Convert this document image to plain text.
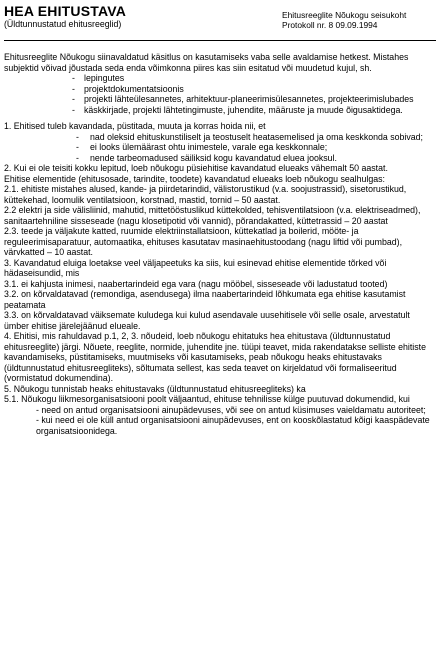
HEA EHITUSTAVA
(Üldtunnustatud ehitusreeglid)
Ehitusreeglite Nõukogu seisukoht
Protokoll nr. 8 09.09.1994

Ehitusreeglite Nõukogu siinavaldatud käsitlus on kasutamiseks vaba selle avaldamise hetkest. Mistahes subjektid võivad jõustada seda enda võimkonna piires kas siin esitatud või muudetud kujul, sh.

- lepingutes
- projektdokumentatsioonis
- projekti lähteülesannetes, arhitektuur-planeerimisülesannetes, projekteerimislubades
- käskkirjade, projekti lähtetingimuste, juhendite, määruste ja muude õigusaktidega.

1. Ehitised tuleb kavandada, püstitada, muuta ja korras hoida nii, et

- nad oleksid ehituskunstiliselt ja teostuselt heatasemelised ja oma keskkonda sobivad;
- ei looks ülemäärast ohtu inimestele, varale ega keskkonnale;
- nende tarbeomadused säiliksid kogu kavandatud eluea jooksul.

2. Kui ei ole teisiti kokku lepitud, loeb nõukogu püsiehitise kavandatud elueaks vähemalt 50 aastat.

Ehitise elementide (ehitusosade, tarindite, toodete) kavandatud elueaks loeb nõukogu sealhulgas:

2.1. ehitiste mistahes alused, kande- ja piirdetarindid, välistorustikud (v.a. soojustrassid), sisetorustikud, küttekehad, loomulik ventilatsioon, korstnad, mastid, tornid – 50 aastat.

2.2 elektri ja side välisliinid, mahutid, mittetööstuslikud küttekolded, tehisventilatsioon (v.a. elektriseadmed), sanitaartehniline sisseseade (nagu klosetipotid või vannid), põrandakatted, küttetrassid – 20 aastat

2.3. teede ja väljakute katted, ruumide elektriinstallatsioon, küttekatlad ja boilerid, mööte- ja reguleerimisaparatuur, automaatika, ehituses kasutatav masinaehitustoodang (nagu liftid või pumbad), värvkatted – 10 aastat.

3. Kavandatud eluiga loetakse veel väljapeetuks ka siis, kui esinevad ehitise elementide tõrked või hädaseisundid, mis

3.1. ei kahjusta inimesi, naabertarindeid ega vara (nagu mööbel, sisseseade või ladustatud tooted)

3.2. on kõrvaldatavad (remondiga, asendusega) ilma naabertarindeid lõhkumata ega ehitise kasutamist peatamata

3.3. on kõrvaldatavad väiksemate kuludega kui kulud asendavale uusehitisele või selle osale, arvestatult ümber ehitise järelejäänud elueale.

4. Ehitisi, mis rahuldavad p.1, 2, 3. nõudeid, loeb nõukogu ehitatuks hea ehitustava (üldtunnustatud ehitusreeglite) järgi. Nõuete, reeglite, normide, juhendite jne. tüüpi teavet, mida rakendatakse selliste ehitiste kavandamiseks, püstitamiseks, muutmiseks või kasutamiseks, peab nõukogu heaks ehitustavaks (üldtunnustatud ehitusreegliteks), sõltumata sellest, kas seda teavet on kirjeldatud või formaliseeritud (vormistatud dokumendina).

5. Nõukogu tunnistab heaks ehitustavaks (üldtunnustatud ehitusreegliteks) ka

5.1. Nõukogu liikmesorganisatsiooni poolt väljaantud, ehituse tehnilisse külge puutuvad dokumendid, kui

- need on antud organisatsiooni ainupädevuses, või see on antud küsimuses vaieldamatu autoriteet;

- kui need ei ole küll antud organisatsiooni ainupädevuses, ent on kooskõlastatud kõigi kaaspädevate organisatsioonidega.
